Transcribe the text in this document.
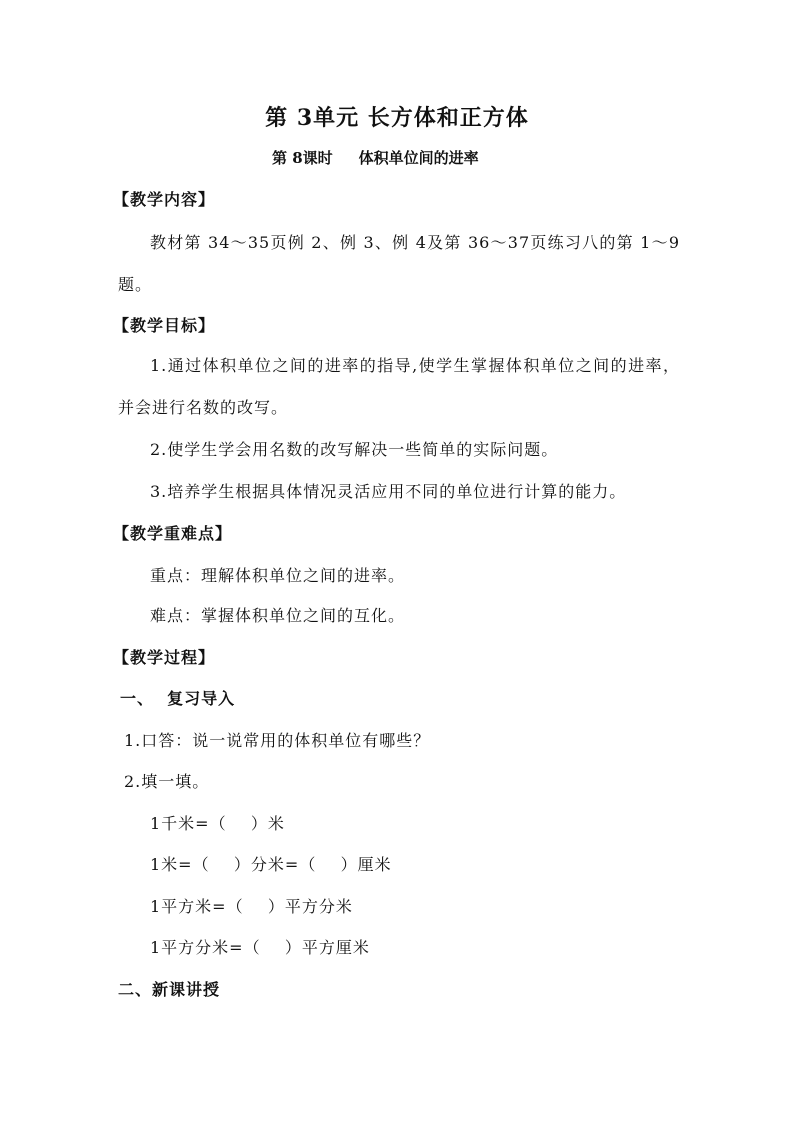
第 3单元 长方体和正方体
第 8课时 体积单位间的进率
【教学内容】
教材第 34～35页例 2、例 3、例 4及第 36～37页练习八的第 1～9题。
【教学目标】
1.通过体积单位之间的进率的指导,使学生掌握体积单位之间的进率，并会进行名数的改写。
2.使学生学会用名数的改写解决一些简单的实际问题。
3.培养学生根据具体情况灵活应用不同的单位进行计算的能力。
【教学重难点】
重点：理解体积单位之间的进率。
难点：掌握体积单位之间的互化。
【教学过程】
一、  复习导入
1.口答：说一说常用的体积单位有哪些？
2.填一填。
1千米=（    ）米
1米=（    ）分米=（    ）厘米
1平方米=（    ）平方分米
1平方分米=（    ）平方厘米
二、新课讲授
